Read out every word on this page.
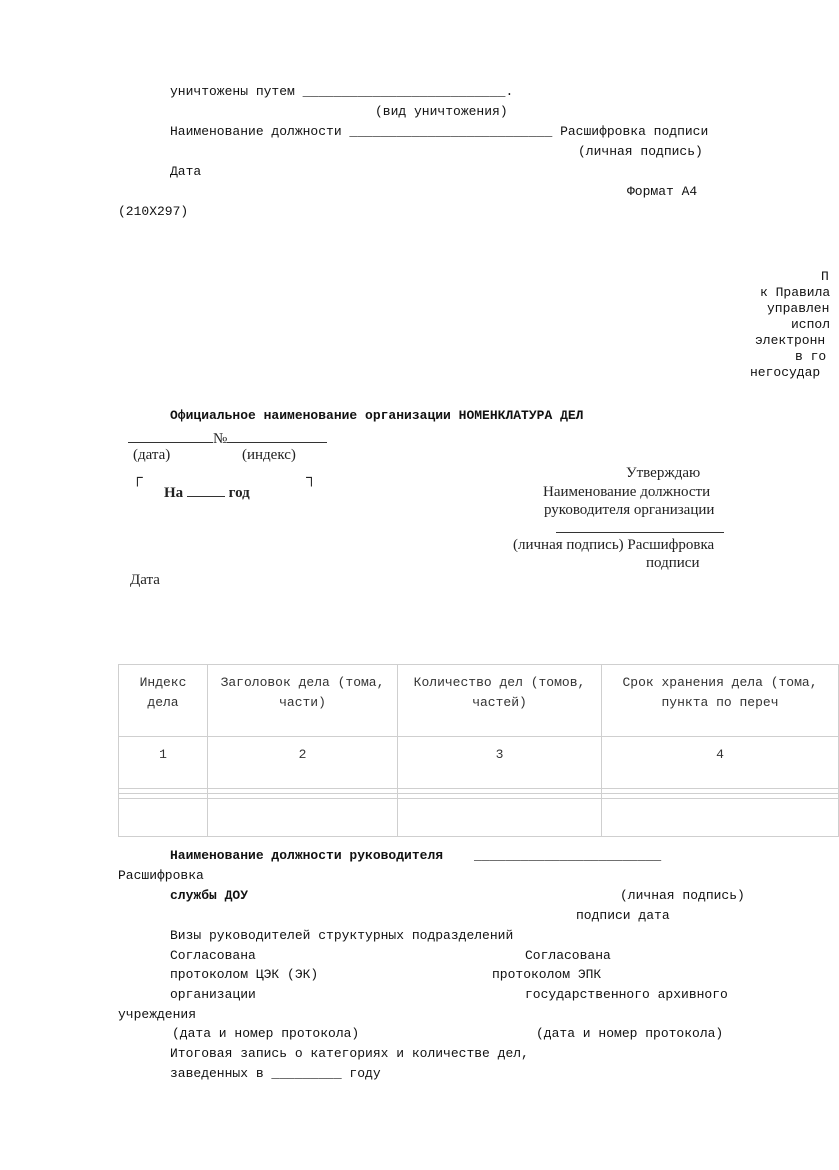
уничтожены путем __________________________.
(вид уничтожения)
Наименование должности __________________________ Расшифровка подписи
(личная подпись)
Дата
Формат А4
(210X297)
П
к Правила
управлен
испол
электронн
в го
негосудар
Официальное наименование организации НОМЕНКЛАТУРА ДЕЛ
№
(дата)	(индекс)
┌	┐
На	год
Утверждаю
Наименование должности
руководителя организации
(личная подпись) Расшифровка
подписи
Дата
Индекс дела	Заголовок дела (тома, части)	Количество дел (томов, частей)	Срок хранения дела (тома, пункта по переч
1	2	3	4

Наименование должности руководителя ________________________
Расшифровка
службы ДОУ	(личная подпись)
подписи дата
Визы руководителей структурных подразделений
Согласована	Согласована
протоколом ЦЭК (ЭК)	протоколом ЭПК
организации	государственного архивного
учреждения
(дата и номер протокола)	(дата и номер протокола)
Итоговая запись о категориях и количестве дел,
заведенных в _________ году
